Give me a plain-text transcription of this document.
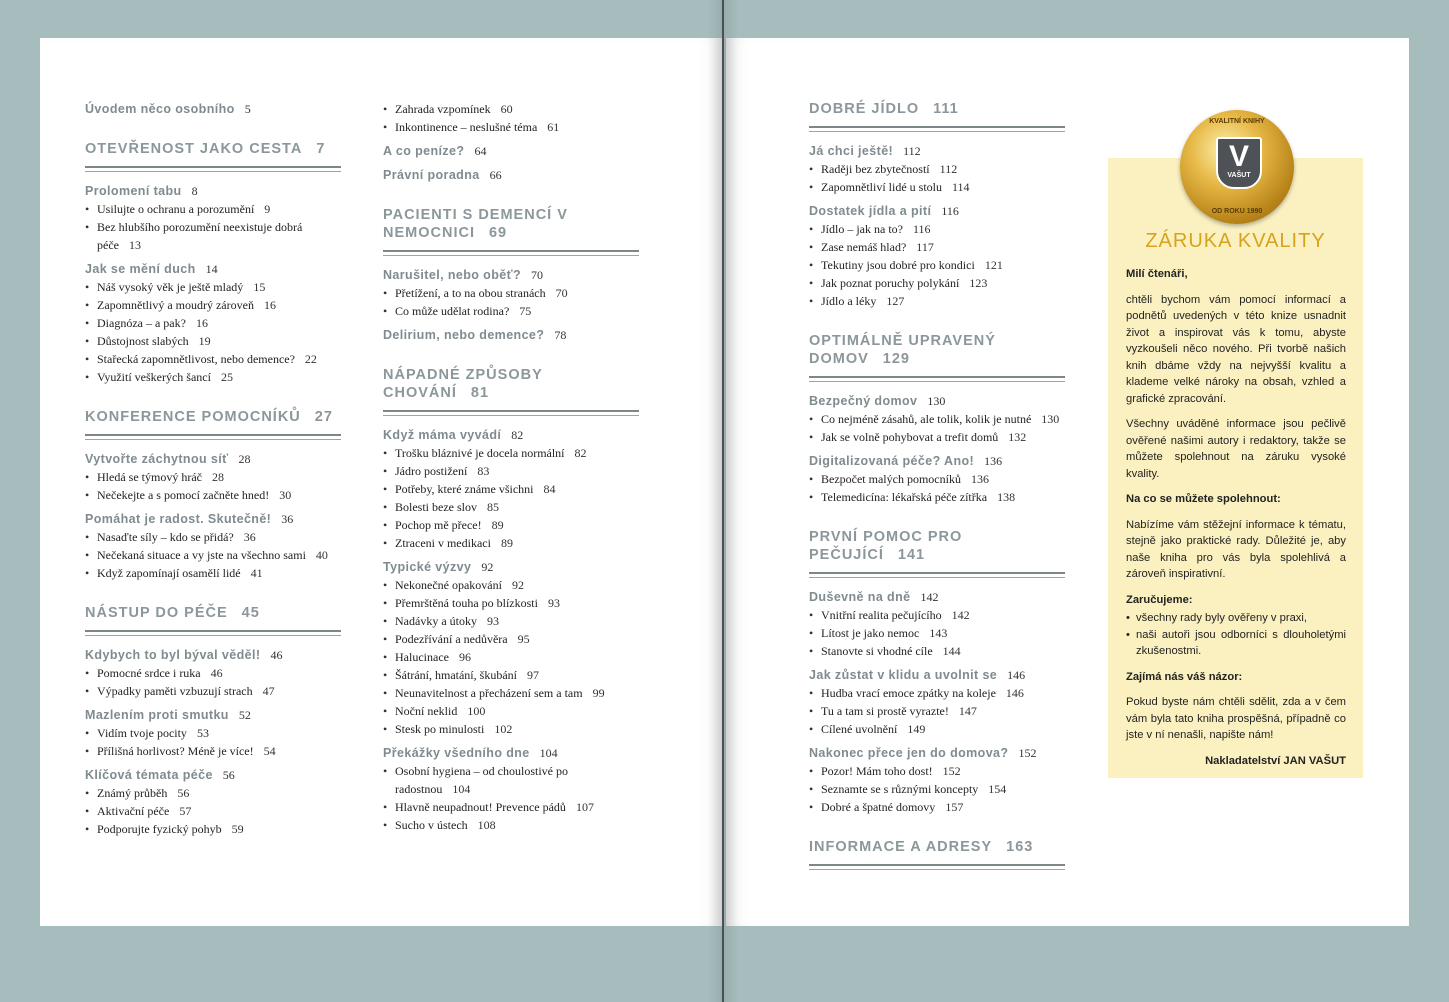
Úvodem něco osobního 5
OTEVŘENOST JAKO CESTA 7
Prolomení tabu 8
• Usilujte o ochranu a porozumění 9
• Bez hlubšího porozumění neexistuje dobrá péče 13
Jak se mění duch 14
• Náš vysoký věk je ještě mladý 15
• Zapomnětlivý a moudrý zároveň 16
• Diagnóza – a pak? 16
• Důstojnost slabých 19
• Stařecká zapomnětlivost, nebo demence? 22
• Využití veškerých šancí 25
KONFERENCE POMOCNÍKŮ 27
Vytvořte záchytnou síť 28
• Hledá se týmový hráč 28
• Nečekejte a s pomocí začněte hned! 30
Pomáhat je radost. Skutečně! 36
• Nasaďte síly – kdo se přidá? 36
• Nečekaná situace a vy jste na všechno sami 40
• Když zapomínají osamělí lidé 41
NÁSTUP DO PÉČE 45
Kdybych to byl býval věděl! 46
• Pomocné srdce i ruka 46
• Výpadky paměti vzbuzují strach 47
Mazlením proti smutku 52
• Vidím tvoje pocity 53
• Přílišná horlivost? Méně je více! 54
Klíčová témata péče 56
• Známý průběh 56
• Aktivační péče 57
• Podporujte fyzický pohyb 59
• Zahrada vzpomínek 60
• Inkontinence – neslušné téma 61
A co peníze? 64
Právní poradna 66
PACIENTI S DEMENCÍ V NEMOCNICI 69
Narušitel, nebo oběť? 70
• Přetížení, a to na obou stranách 70
• Co může udělat rodina? 75
Delirium, nebo demence? 78
NÁPADNÉ ZPŮSOBY CHOVÁNÍ 81
Když máma vyvádí 82
• Trošku bláznivé je docela normální 82
• Jádro postižení 83
• Potřeby, které známe všichni 84
• Bolesti beze slov 85
• Pochop mě přece! 89
• Ztraceni v medikaci 89
Typické výzvy 92
• Nekonečné opakování 92
• Přemrštěná touha po blízkosti 93
• Nadávky a útoky 93
• Podezřívání a nedůvěra 95
• Halucinace 96
• Šátrání, hmatání, škubání 97
• Neunavitelnost a přecházení sem a tam 99
• Noční neklid 100
• Stesk po minulosti 102
Překážky všedního dne 104
• Osobní hygiena – od choulostivé po radostnou 104
• Hlavně neupadnout! Prevence pádů 107
• Sucho v ústech 108
DOBRÉ JÍDLO 111
Já chci ještě! 112
• Raději bez zbytečností 112
• Zapomnětliví lidé u stolu 114
Dostatek jídla a pití 116
• Jídlo – jak na to? 116
• Zase nemáš hlad? 117
• Tekutiny jsou dobré pro kondici 121
• Jak poznat poruchy polykání 123
• Jídlo a léky 127
OPTIMÁLNĚ UPRAVENÝ DOMOV 129
Bezpečný domov 130
• Co nejméně zásahů, ale tolik, kolik je nutné 130
• Jak se volně pohybovat a trefit domů 132
Digitalizovaná péče? Ano! 136
• Bezpočet malých pomocníků 136
• Telemedicína: lékařská péče zítřka 138
PRVNÍ POMOC PRO PEČUJÍCÍ 141
Duševně na dně 142
• Vnitřní realita pečujícího 142
• Lítost je jako nemoc 143
• Stanovte si vhodné cíle 144
Jak zůstat v klidu a uvolnit se 146
• Hudba vrací emoce zpátky na koleje 146
• Tu a tam si prostě vyrazte! 147
• Cílené uvolnění 149
Nakonec přece jen do domova? 152
• Pozor! Mám toho dost! 152
• Seznamte se s různými koncepty 154
• Dobré a špatné domovy 157
INFORMACE A ADRESY 163
KVALITNÍ KNIHY
V
VAŠUT
OD ROKU 1990
ZÁRUKA KVALITY

Milí čtenáři,

chtěli bychom vám pomocí informací a podnětů uvedených v této knize usnadnit život a inspirovat vás k tomu, abyste vyzkoušeli něco nového. Při tvorbě našich knih dbáme vždy na nejvyšší kvalitu a klademe velké nároky na obsah, vzhled a grafické zpracování.

Všechny uváděné informace jsou pečlivě ověřené našimi autory i redaktory, takže se můžete spolehnout na záruku vysoké kvality.

Na co se můžete spolehnout:

Nabízíme vám stěžejní informace k tématu, stejně jako praktické rady. Důležité je, aby naše kniha pro vás byla spolehlivá a zároveň inspirativní.

Zaručujeme:

• všechny rady byly ověřeny v praxi,

• naši autoři jsou odborníci s dlouholetými zkušenostmi.

Zajímá nás váš názor:

Pokud byste nám chtěli sdělit, zda a v čem vám byla tato kniha prospěšná, případně co jste v ní nenašli, napište nám!

Nakladatelství JAN VAŠUT
